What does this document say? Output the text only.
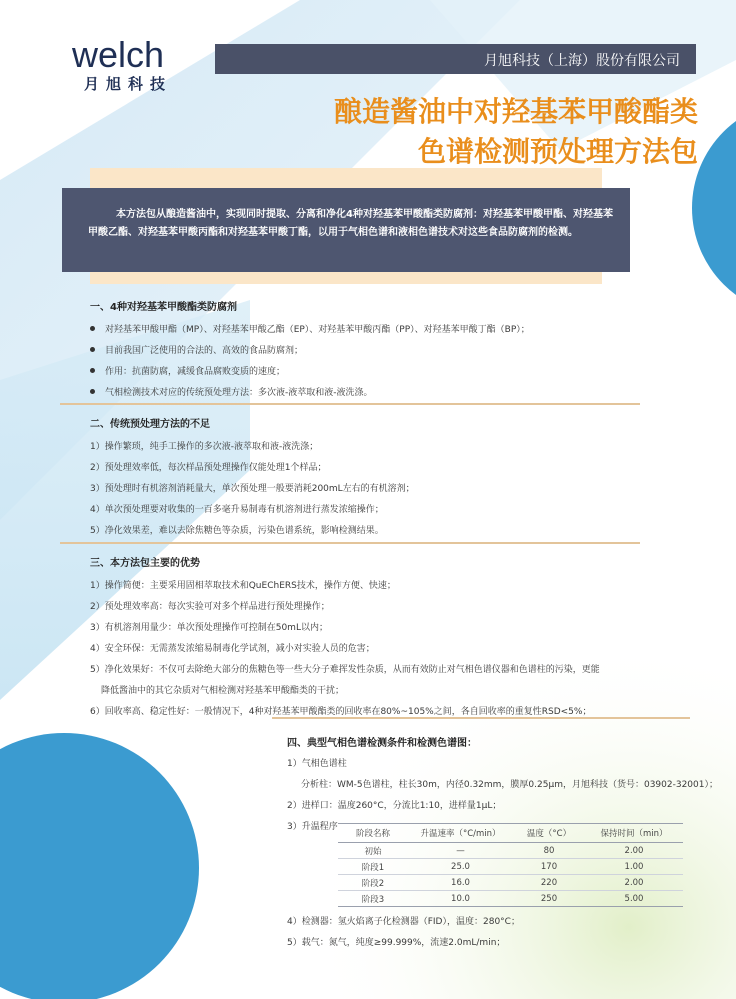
welch
月旭科技
月旭科技（上海）股份有限公司
酿造酱油中对羟基苯甲酸酯类
色谱检测预处理方法包
本方法包从酿造酱油中，实现同时提取、分离和净化4种对羟基苯甲酸酯类防腐剂：对羟基苯甲酸甲酯、对羟基苯甲酸乙酯、对羟基苯甲酸丙酯和对羟基苯甲酸丁酯，以用于气相色谱和液相色谱技术对这些食品防腐剂的检测。
一、4种对羟基苯甲酸酯类防腐剂
对羟基苯甲酸甲酯（MP）、对羟基苯甲酸乙酯（EP）、对羟基苯甲酸丙酯（PP）、对羟基苯甲酸丁酯（BP）；
目前我国广泛使用的合法的、高效的食品防腐剂；
作用：抗菌防腐，减缓食品腐败变质的速度；
气相检测技术对应的传统预处理方法：多次液-液萃取和液-液洗涤。
二、传统预处理方法的不足
1）操作繁琐，纯手工操作的多次液-液萃取和液-液洗涤；
2）预处理效率低，每次样品预处理操作仅能处理1个样品；
3）预处理时有机溶剂消耗量大，单次预处理一般要消耗200mL左右的有机溶剂；
4）单次预处理要对收集的一百多毫升易制毒有机溶剂进行蒸发浓缩操作；
5）净化效果差，难以去除焦糖色等杂质，污染色谱系统，影响检测结果。
三、本方法包主要的优势
1）操作简便：主要采用固相萃取技术和QuEChERS技术，操作方便、快速；
2）预处理效率高：每次实验可对多个样品进行预处理操作；
3）有机溶剂用量少：单次预处理操作可控制在50mL以内；
4）安全环保：无需蒸发浓缩易制毒化学试剂，减小对实验人员的危害；
5）净化效果好：不仅可去除绝大部分的焦糖色等一些大分子难挥发性杂质，从而有效防止对气相色谱仪器和色谱柱的污染，更能
降低酱油中的其它杂质对气相检测对羟基苯甲酸酯类的干扰；
6）回收率高、稳定性好：一般情况下，4种对羟基苯甲酸酯类的回收率在80%~105%之间，各自回收率的重复性RSD<5%；
四、典型气相色谱检测条件和检测色谱图：
1）气相色谱柱
分析柱：WM-5色谱柱，柱长30m，内径0.32mm，膜厚0.25μm，月旭科技（货号：03902-32001）；
2）进样口：温度260°C，分流比1:10，进样量1μL；
3）升温程序
阶段名称	升温速率（°C/min）	温度（°C）	保持时间（min）
初始	—	80	2.00
阶段1	25.0	170	1.00
阶段2	16.0	220	2.00
阶段3	10.0	250	5.00
4）检测器：氢火焰离子化检测器（FID），温度：280°C；
5）载气：氮气，纯度≥99.999%，流速2.0mL/min；
